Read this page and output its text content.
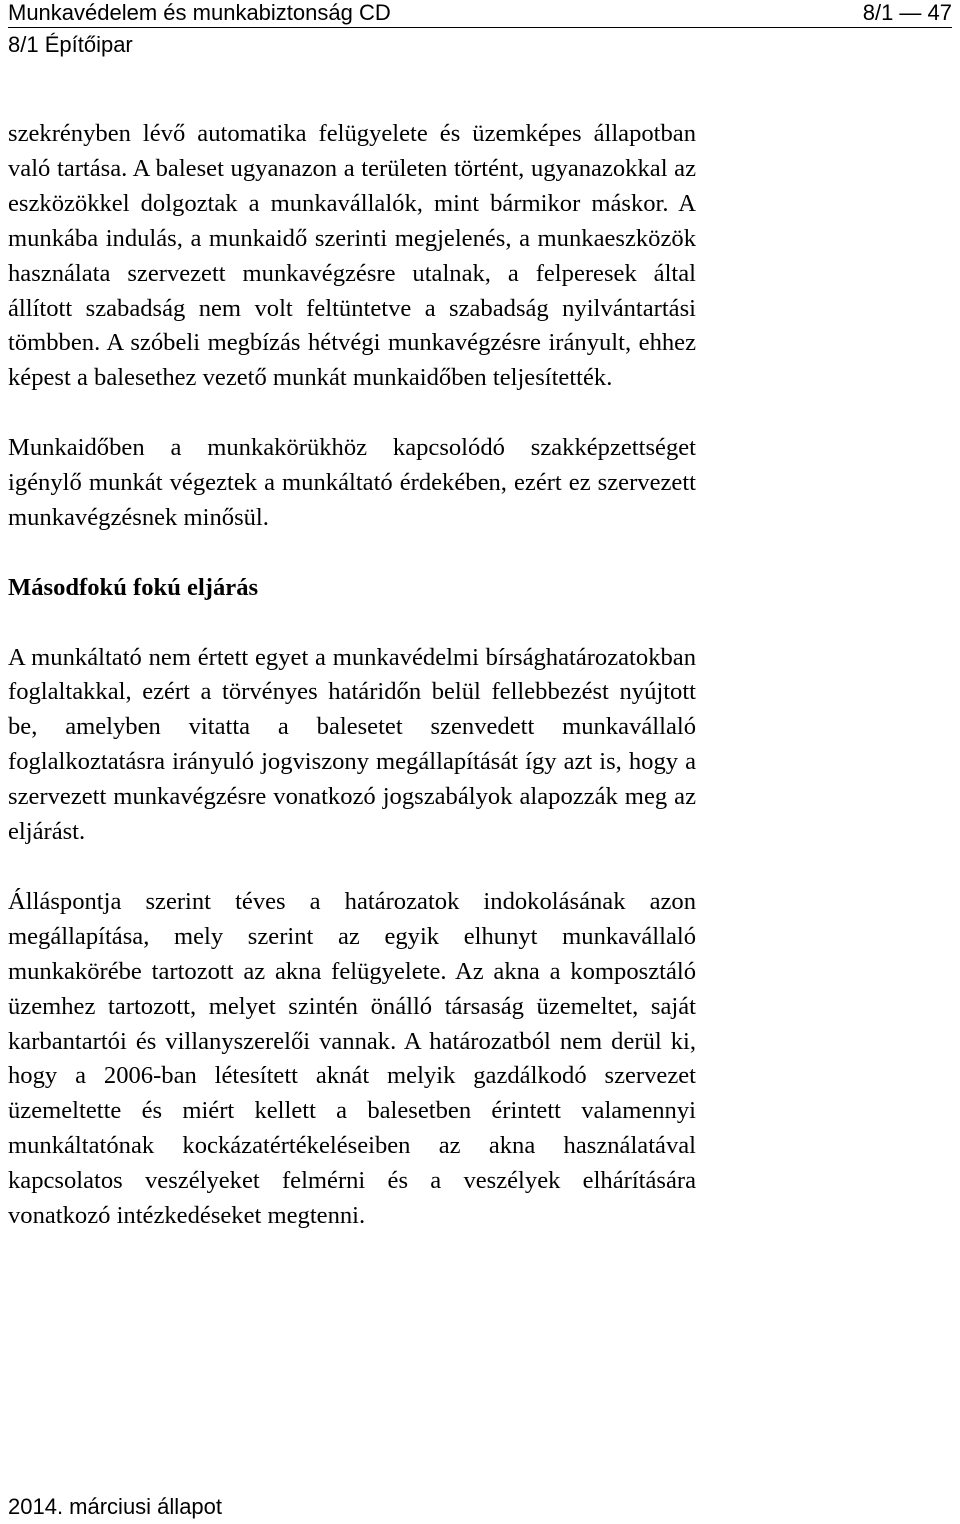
Munkavédelem és munkabiztonság CD	8/1 — 47
8/1 Építőipar

szekrényben lévő automatika felügyelete és üzemképes állapotban való tartása. A baleset ugyanazon a területen történt, ugyanazokkal az eszközökkel dolgoztak a munkavállalók, mint bármikor máskor. A munkába indulás, a munkaidő szerinti megjelenés, a munkaeszközök használata szervezett munkavégzésre utalnak, a felperesek által állított szabadság nem volt feltüntetve a szabadság nyilvántartási tömbben. A szóbeli megbízás hétvégi munkavégzésre irányult, ehhez képest a balesethez vezető munkát munkaidőben teljesítették.

Munkaidőben a munkakörükhöz kapcsolódó szakképzettséget igénylő munkát végeztek a munkáltató érdekében, ezért ez szervezett munkavégzésnek minősül.

Másodfokú fokú eljárás

A munkáltató nem értett egyet a munkavédelmi bírsághatározatokban foglaltakkal, ezért a törvényes határidőn belül fellebbezést nyújtott be, amelyben vitatta a balesetet szenvedett munkavállaló foglalkoztatásra irányuló jogviszony megállapítását így azt is, hogy a szervezett munkavégzésre vonatkozó jogszabályok alapozzák meg az eljárást.

Álláspontja szerint téves a határozatok indokolásának azon megállapítása, mely szerint az egyik elhunyt munkavállaló munkakörébe tartozott az akna felügyelete. Az akna a komposztáló üzemhez tartozott, melyet szintén önálló társaság üzemeltet, saját karbantartói és villanyszerelői vannak. A határozatból nem derül ki, hogy a 2006-ban létesített aknát melyik gazdálkodó szervezet üzemeltette és miért kellett a balesetben érintett valamennyi munkáltatónak kockázatértékeléseiben az akna használatával kapcsolatos veszélyeket felmérni és a veszélyek elhárítására vonatkozó intézkedéseket megtenni.

2014. márciusi állapot
